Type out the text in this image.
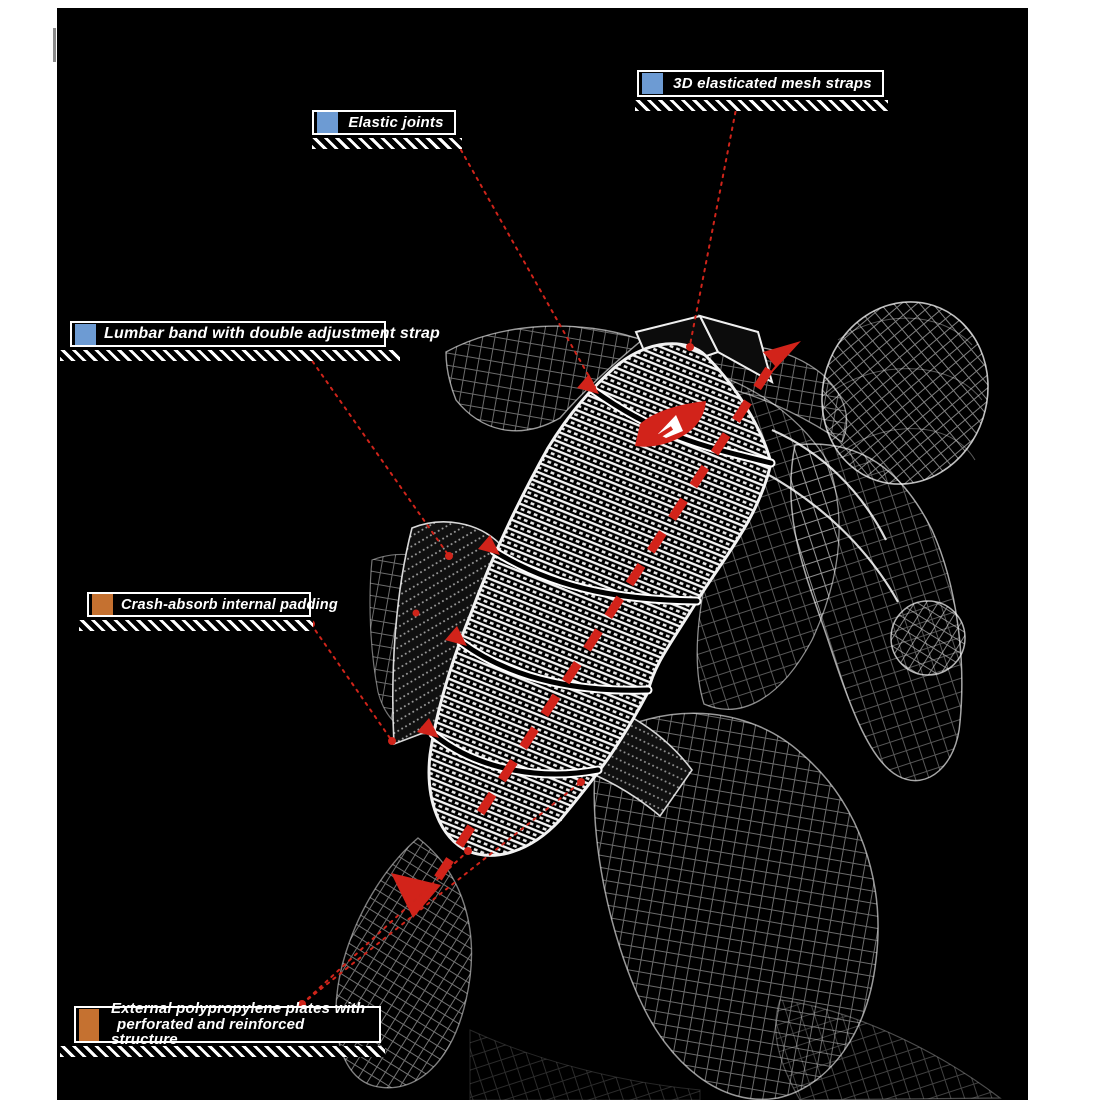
3D elasticated mesh straps
Elastic joints
Lumbar band with double adjustment strap
Crash-absorb internal padding
External polypropylene plates with
perforated and reinforced structure
